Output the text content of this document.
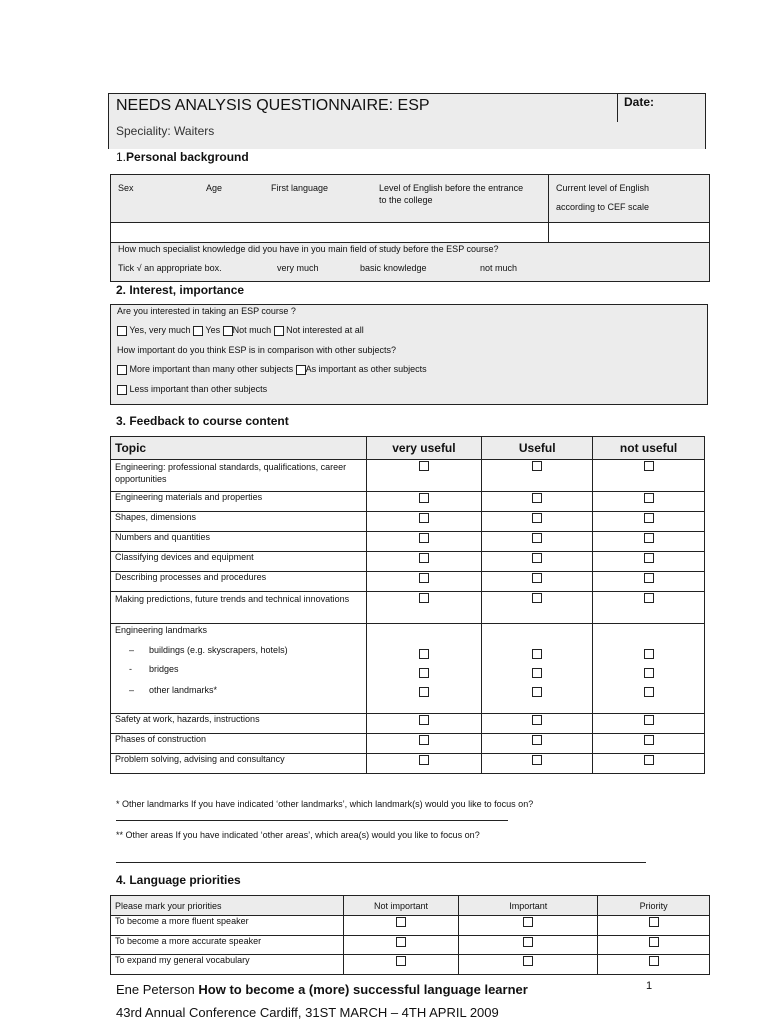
NEEDS ANALYSIS QUESTIONNAIRE: ESP	Date:
Speciality: Waiters
1.Personal background
Sex	Age	First language	Level of English before the entrance to the college
Current level of English
according to CEF scale
How much specialist knowledge did you have in you main field of study before the ESP course?
Tick √ an appropriate box.	very much	basic knowledge	not much
2. Interest, importance
Are you interested in taking an ESP course ?
Yes, very much Yes Not much Not interested at all
How important do you think ESP is in comparison with other subjects?
More important than many other subjects As important as other subjects
Less important than other subjects
3. Feedback to course content
Topic	very useful	Useful	not useful
Engineering: professional standards, qualifications, career opportunities			
Engineering materials and properties			
Shapes, dimensions			
Numbers and quantities			
Classifying devices and equipment			
Describing processes and procedures			
Making predictions, future trends and technical innovations			

Engineering landmarks
– buildings (e.g. skyscrapers, hotels)
- bridges
– other landmarks*			

Safety at work, hazards, instructions			
Phases of construction			
Problem solving, advising and consultancy			
* Other landmarks If you have indicated ‘other landmarks’, which landmark(s) would you like to focus on?
** Other areas If you have indicated ‘other areas’, which area(s) would you like to focus on?
4. Language priorities
Please mark your priorities	Not important	Important	Priority
To become a more fluent speaker			
To become a more accurate speaker			
To expand my general vocabulary			
Ene Peterson How to become a (more) successful language learner	1
43rd Annual Conference Cardiff, 31ST MARCH – 4TH APRIL 2009
